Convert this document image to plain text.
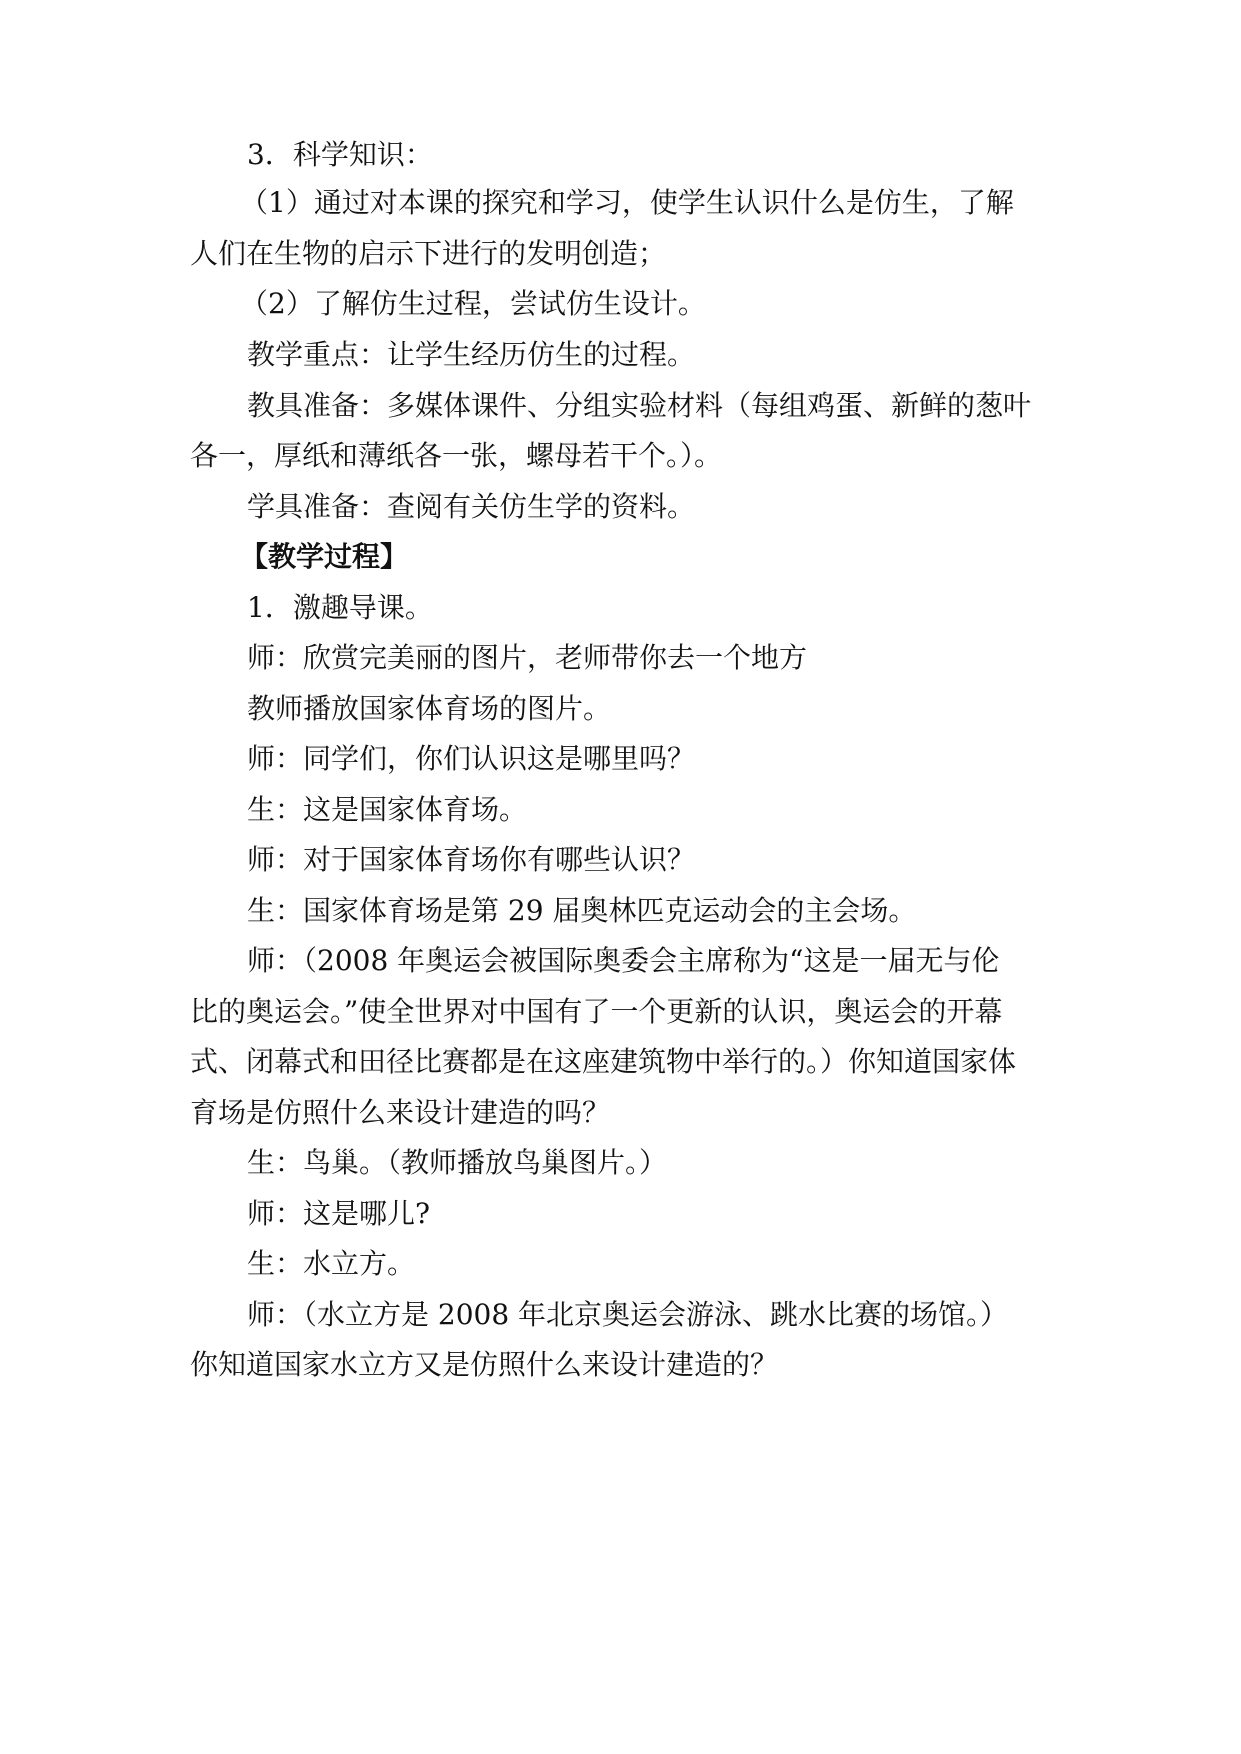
3．科学知识：
（1）通过对本课的探究和学习，使学生认识什么是仿生，了解
人们在生物的启示下进行的发明创造；
（2）了解仿生过程，尝试仿生设计。
教学重点：让学生经历仿生的过程。
教具准备：多媒体课件、分组实验材料（每组鸡蛋、新鲜的葱叶
各一，厚纸和薄纸各一张，螺母若干个。）。
学具准备：查阅有关仿生学的资料。
【教学过程】
1．激趣导课。
师：欣赏完美丽的图片，老师带你去一个地方
教师播放国家体育场的图片。
师：同学们，你们认识这是哪里吗？
生：这是国家体育场。
师：对于国家体育场你有哪些认识？
生：国家体育场是第 29 届奥林匹克运动会的主会场。
师：（2008 年奥运会被国际奥委会主席称为“这是一届无与伦
比的奥运会。”使全世界对中国有了一个更新的认识，奥运会的开幕
式、闭幕式和田径比赛都是在这座建筑物中举行的。）你知道国家体
育场是仿照什么来设计建造的吗？
生：鸟巢。（教师播放鸟巢图片。）
师：这是哪儿?
生：水立方。
师：（水立方是 2008 年北京奥运会游泳、跳水比赛的场馆。）
你知道国家水立方又是仿照什么来设计建造的？
